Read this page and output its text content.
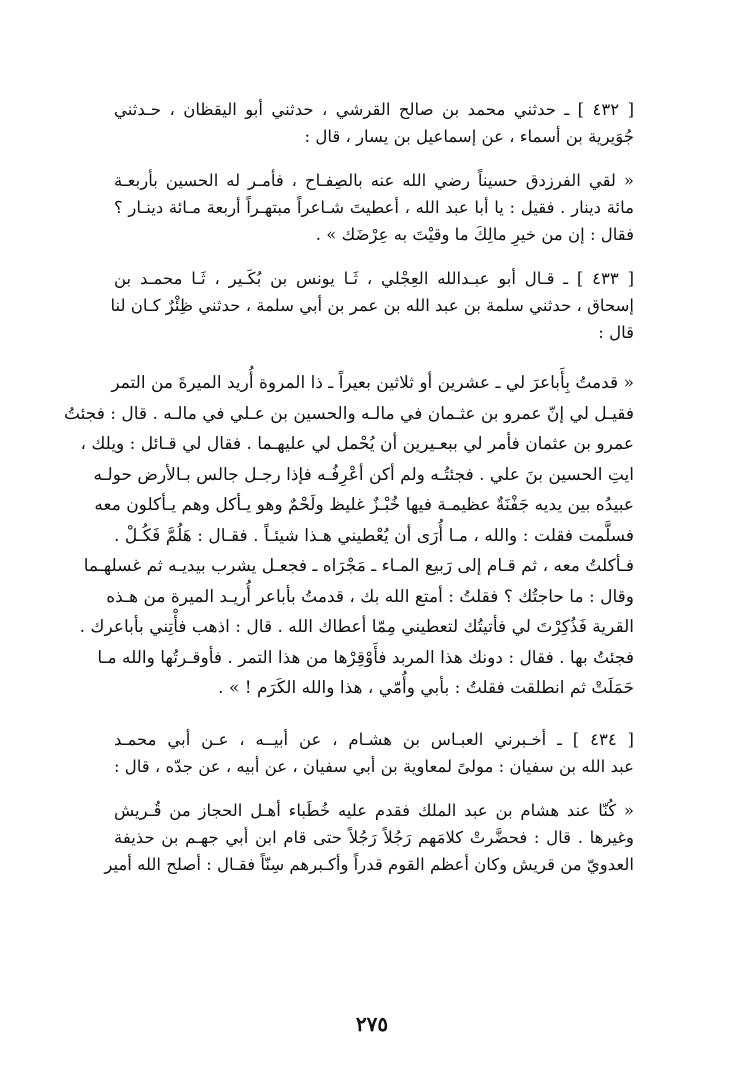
[ ٤٣٢ ] ـ حدثني محمد بن صالح القرشي ، حدثني أبو اليقظان ، حـدثني
جُوَيرية بن أسماء ، عن إسماعيل بن يسار ، قال :
« لقي الفرزدق حسيناً رضي الله عنه بالصِفـاح ، فأمـر له الحسين بأربعـة
مائة دينار . فقيل : يا أبا عبد الله ، أعطيتَ شـاعراً مبتهـراً أربعة مـائة دينـار ؟
فقال : إن من خيرِ مالِكَ ما وقيْتَ به عِرْضَك » .
[ ٤٣٣ ] ـ قـال أبو عبـدالله العِجْلي ، ثَـا يونس بن بُكَـير ، ثَـا محمـد بن
إسحاق ، حدثني سلمة بن عبد الله بن عمر بن أبي سلمة ، حدثني ظِئْرٌ كـان لنا
قال :
« قدمتُ بِأَباعرَ لي ـ عشرين أو ثلاثين بعيراً ـ ذا المروة أُريد الميرةَ من التمر
فقيـل لي إنّ عمرو بن عثـمان في مالـه والحسين بن عـلي في مالـه . قال : فجئتُ
عمرو بن عثمان فأمر لي ببعـيرين أن يُحْمل لي عليهـما . فقال لي قـائل : ويلك ،
ايتِ الحسين بنَ علي . فجئتُـه ولم أكن أعْرِفُـه فإذا رجـل جالس بـالأرض حولـه
عبيدُه بين يديه جَفْنَةٌ عظيمـة فيها خُبْـزٌ غليظ ولَحْمٌ وهو يـأكل وهم يـأكلون معه
فسلَّمت فقلت : والله ، مـا أُرَى أن يُعْطيني هـذا شيئـاً . فقـال : هَلُمَّ فَكُـلْ .
فـأكلتُ معه ، ثم قـام إلى رَبيع المـاء ـ مَجْرَاه ـ فجعـل يشرب بيديـه ثم غسلهـما
وقال : ما حاجتُك ؟ فقلتُ : أمتع الله بك ، قدمتُ بأباعر أُريـد الميرة من هـذه
القرية فَذُكِرْتَ لي فأتيتُك لتعطيني مِمّا أعطاك الله . قال : اذهب فأْتِني بأباعرك .
فجئتُ بها . فقال : دونك هذا المربد فأَوْقِرْها من هذا التمر . فأوقـرتُها والله مـا
حَمَلَتْ ثم انطلقت فقلتُ : بأبي وأُمّي ، هذا والله الكَرَم ! » .
[ ٤٣٤ ] ـ أخـبرني العبـاس بن هشـام ، عن أبيــه ، عـن أبي محمـد
عبد الله بن سفيان : مولىً لمعاوية بن أبي سفيان ، عن أبيه ، عن جدّه ، قال :
« كُنّا عند هشام بن عبد الملك فقدم عليه خُطَباء أهـل الحجاز من قُـريش
وغيرها . قال : فحضَّرتْ كلامَهم رَجُلاً رَجُلاً حتى قام ابن أبي جهـم بن حذيفة
العدويّ من قريش وكان أعظم القوم قدراً وأكـبرهم سِنّاً فقـال : أصلح الله أمير
٢٧٥
